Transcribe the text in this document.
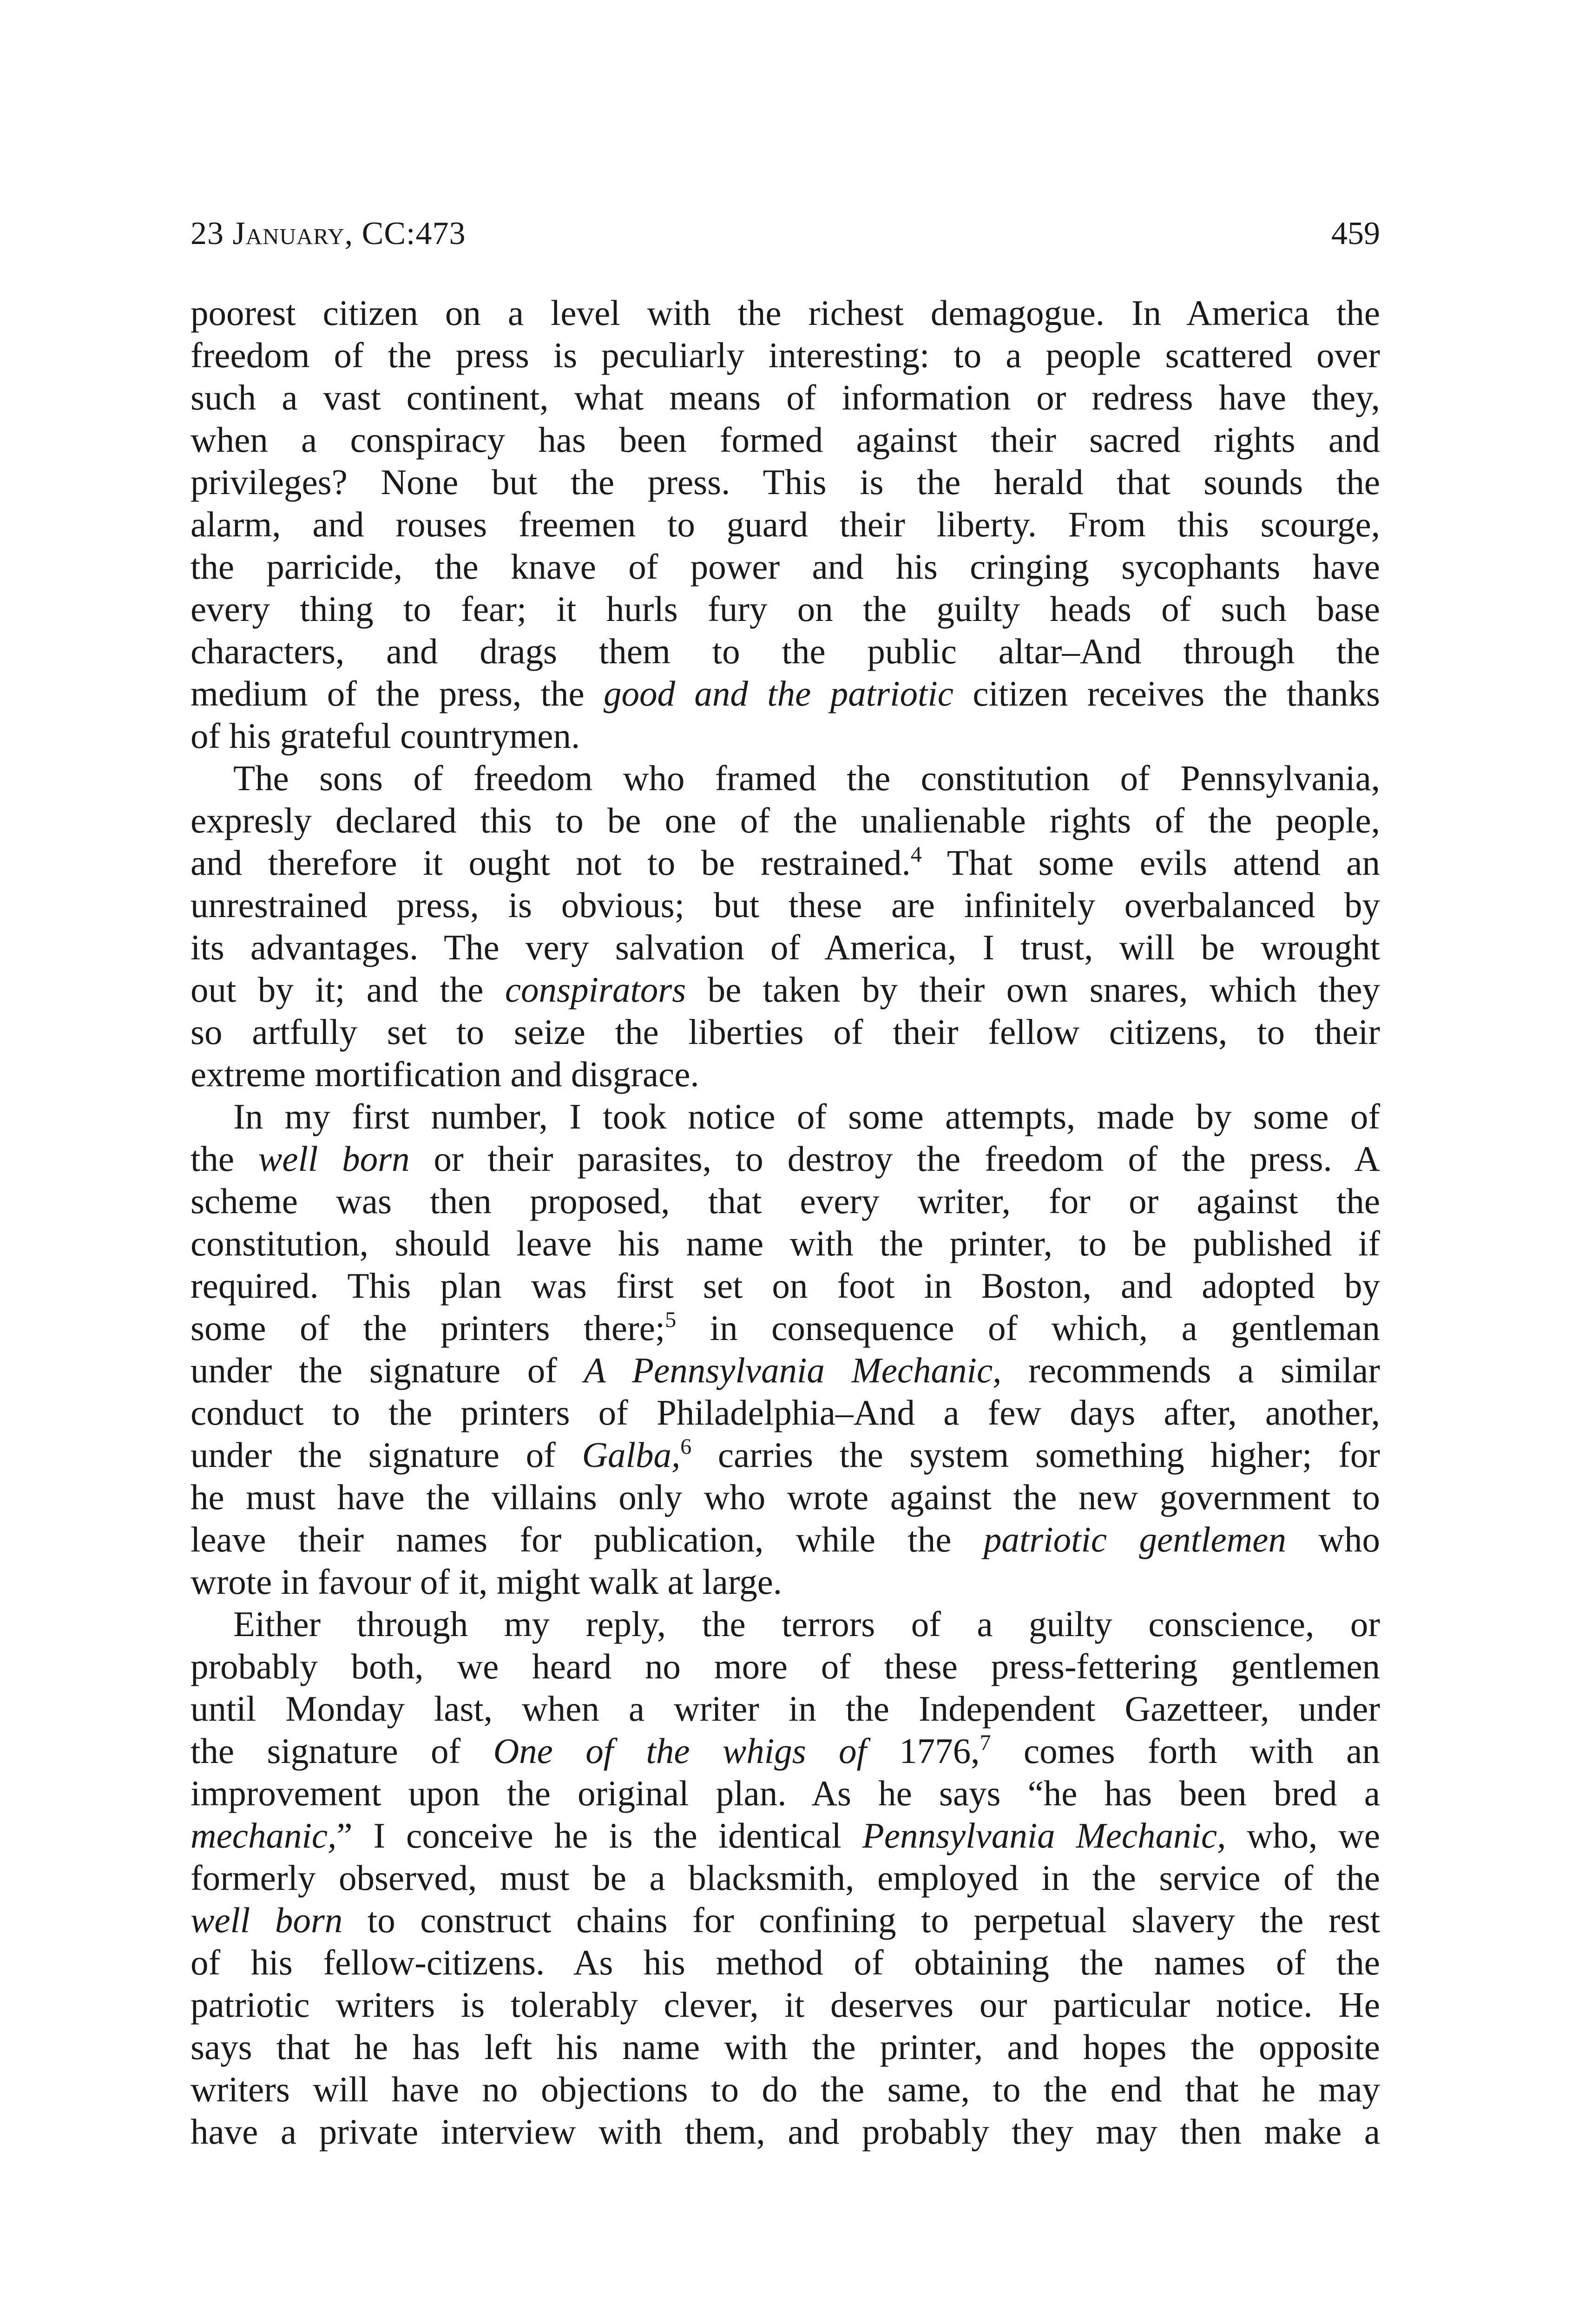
23 January, CC:473	459
poorest citizen on a level with the richest demagogue. In America the
freedom of the press is peculiarly interesting: to a people scattered over
such a vast continent, what means of information or redress have they,
when a conspiracy has been formed against their sacred rights and
privileges? None but the press. This is the herald that sounds the
alarm, and rouses freemen to guard their liberty. From this scourge,
the parricide, the knave of power and his cringing sycophants have
every thing to fear; it hurls fury on the guilty heads of such base
characters, and drags them to the public altar–And through the
medium of the press, the good and the patriotic citizen receives the thanks
of his grateful countrymen.
The sons of freedom who framed the constitution of Pennsylvania,
expresly declared this to be one of the unalienable rights of the people,
and therefore it ought not to be restrained.$^4$ That some evils attend an
unrestrained press, is obvious; but these are infinitely overbalanced by
its advantages. The very salvation of America, I trust, will be wrought
out by it; and the conspirators be taken by their own snares, which they
so artfully set to seize the liberties of their fellow citizens, to their
extreme mortification and disgrace.
In my first number, I took notice of some attempts, made by some of
the well born or their parasites, to destroy the freedom of the press. A
scheme was then proposed, that every writer, for or against the
constitution, should leave his name with the printer, to be published if
required. This plan was first set on foot in Boston, and adopted by
some of the printers there;$^5$ in consequence of which, a gentleman
under the signature of A Pennsylvania Mechanic, recommends a similar
conduct to the printers of Philadelphia–And a few days after, another,
under the signature of Galba,$^6$ carries the system something higher; for
he must have the villains only who wrote against the new government to
leave their names for publication, while the patriotic gentlemen who
wrote in favour of it, might walk at large.
Either through my reply, the terrors of a guilty conscience, or
probably both, we heard no more of these press-fettering gentlemen
until Monday last, when a writer in the Independent Gazetteer, under
the signature of One of the whigs of 1776,$^7$ comes forth with an
improvement upon the original plan. As he says “he has been bred a
mechanic,” I conceive he is the identical Pennsylvania Mechanic, who, we
formerly observed, must be a blacksmith, employed in the service of the
well born to construct chains for confining to perpetual slavery the rest
of his fellow-citizens. As his method of obtaining the names of the
patriotic writers is tolerably clever, it deserves our particular notice. He
says that he has left his name with the printer, and hopes the opposite
writers will have no objections to do the same, to the end that he may
have a private interview with them, and probably they may then make a
